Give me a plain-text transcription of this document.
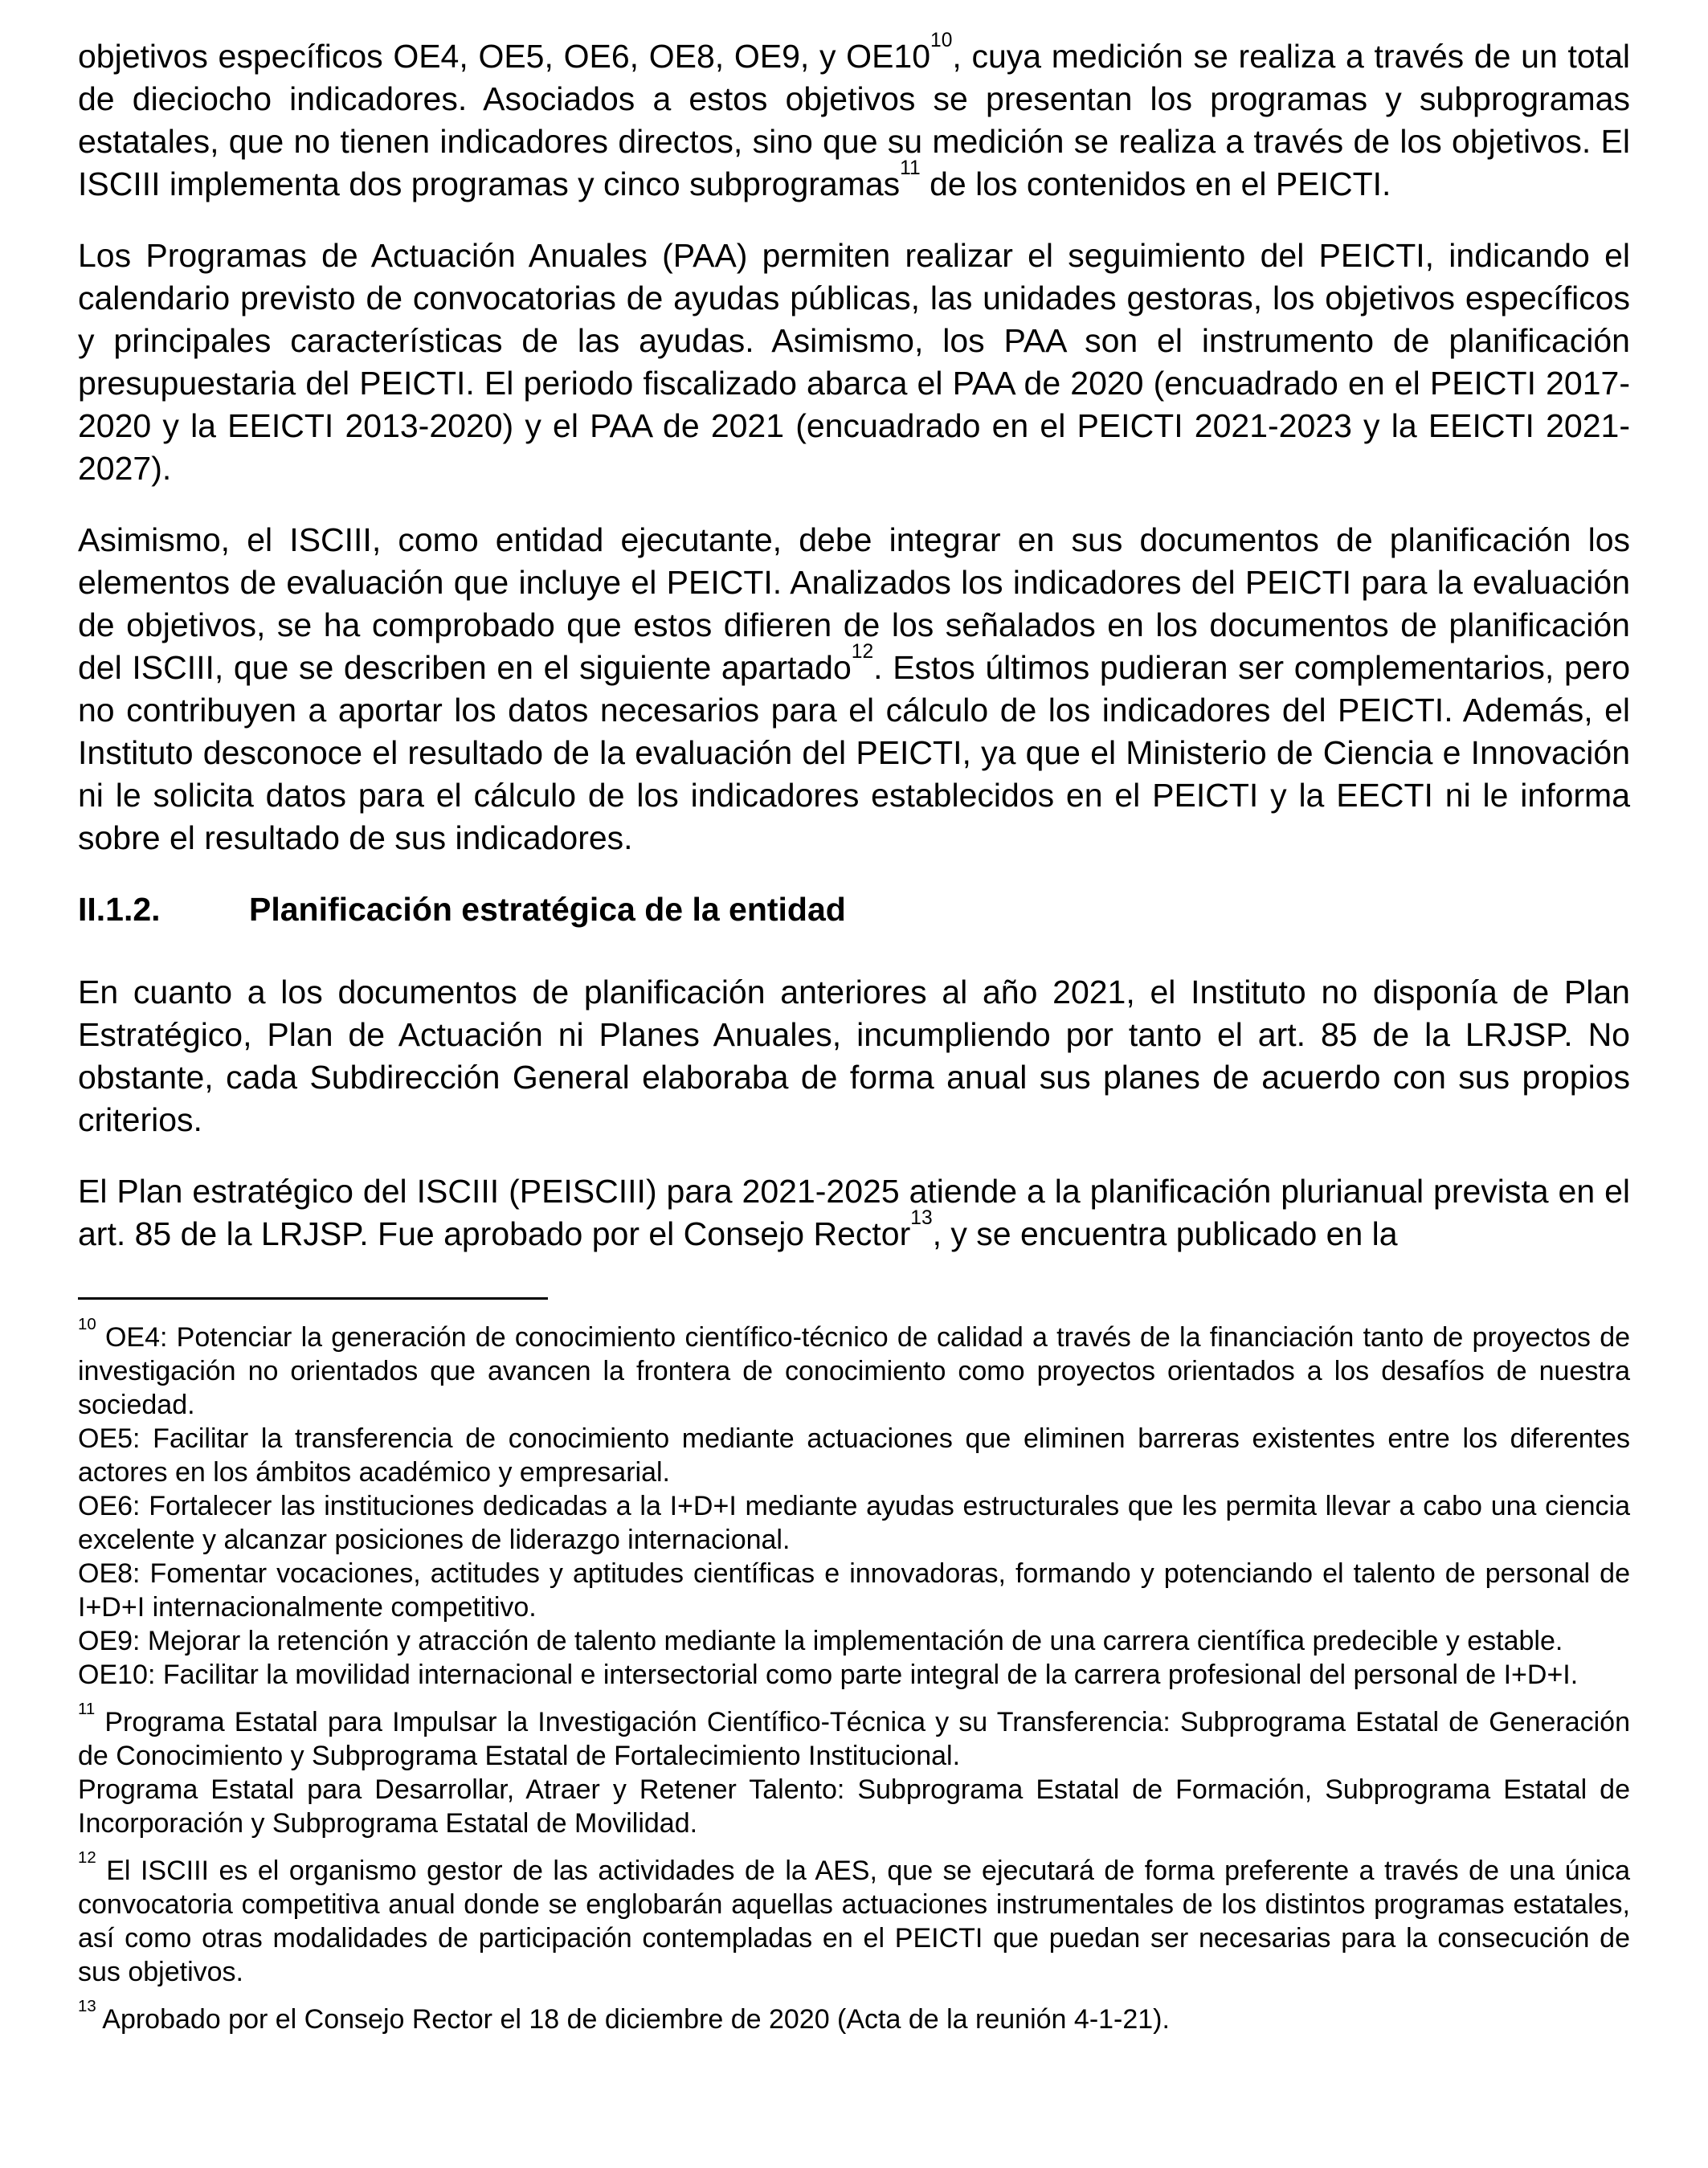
objetivos específicos OE4, OE5, OE6, OE8, OE9, y OE10$^{10}$, cuya medición se realiza a través de un total de dieciocho indicadores. Asociados a estos objetivos se presentan los programas y subprogramas estatales, que no tienen indicadores directos, sino que su medición se realiza a través de los objetivos. El ISCIII implementa dos programas y cinco subprogramas$^{11}$ de los contenidos en el PEICTI.

Los Programas de Actuación Anuales (PAA) permiten realizar el seguimiento del PEICTI, indicando el calendario previsto de convocatorias de ayudas públicas, las unidades gestoras, los objetivos específicos y principales características de las ayudas. Asimismo, los PAA son el instrumento de planificación presupuestaria del PEICTI. El periodo fiscalizado abarca el PAA de 2020 (encuadrado en el PEICTI 2017-2020 y la EEICTI 2013-2020) y el PAA de 2021 (encuadrado en el PEICTI 2021-2023 y la EEICTI 2021-2027).

Asimismo, el ISCIII, como entidad ejecutante, debe integrar en sus documentos de planificación los elementos de evaluación que incluye el PEICTI. Analizados los indicadores del PEICTI para la evaluación de objetivos, se ha comprobado que estos difieren de los señalados en los documentos de planificación del ISCIII, que se describen en el siguiente apartado$^{12}$. Estos últimos pudieran ser complementarios, pero no contribuyen a aportar los datos necesarios para el cálculo de los indicadores del PEICTI. Además, el Instituto desconoce el resultado de la evaluación del PEICTI, ya que el Ministerio de Ciencia e Innovación ni le solicita datos para el cálculo de los indicadores establecidos en el PEICTI y la EECTI ni le informa sobre el resultado de sus indicadores.

II.1.2.	Planificación estratégica de la entidad

En cuanto a los documentos de planificación anteriores al año 2021, el Instituto no disponía de Plan Estratégico, Plan de Actuación ni Planes Anuales, incumpliendo por tanto el art. 85 de la LRJSP. No obstante, cada Subdirección General elaboraba de forma anual sus planes de acuerdo con sus propios criterios.

El Plan estratégico del ISCIII (PEISCIII) para 2021-2025 atiende a la planificación plurianual prevista en el art. 85 de la LRJSP. Fue aprobado por el Consejo Rector$^{13}$, y se encuentra publicado en la

$^{10}$ OE4: Potenciar la generación de conocimiento científico-técnico de calidad a través de la financiación tanto de proyectos de investigación no orientados que avancen la frontera de conocimiento como proyectos orientados a los desafíos de nuestra sociedad.
OE5: Facilitar la transferencia de conocimiento mediante actuaciones que eliminen barreras existentes entre los diferentes actores en los ámbitos académico y empresarial.
OE6: Fortalecer las instituciones dedicadas a la I+D+I mediante ayudas estructurales que les permita llevar a cabo una ciencia excelente y alcanzar posiciones de liderazgo internacional.
OE8: Fomentar vocaciones, actitudes y aptitudes científicas e innovadoras, formando y potenciando el talento de personal de I+D+I internacionalmente competitivo.
OE9: Mejorar la retención y atracción de talento mediante la implementación de una carrera científica predecible y estable.
OE10: Facilitar la movilidad internacional e intersectorial como parte integral de la carrera profesional del personal de I+D+I.
$^{11}$ Programa Estatal para Impulsar la Investigación Científico-Técnica y su Transferencia: Subprograma Estatal de Generación de Conocimiento y Subprograma Estatal de Fortalecimiento Institucional.
Programa Estatal para Desarrollar, Atraer y Retener Talento: Subprograma Estatal de Formación, Subprograma Estatal de Incorporación y Subprograma Estatal de Movilidad.
$^{12}$ El ISCIII es el organismo gestor de las actividades de la AES, que se ejecutará de forma preferente a través de una única convocatoria competitiva anual donde se englobarán aquellas actuaciones instrumentales de los distintos programas estatales, así como otras modalidades de participación contempladas en el PEICTI que puedan ser necesarias para la consecución de sus objetivos.
$^{13}$ Aprobado por el Consejo Rector el 18 de diciembre de 2020 (Acta de la reunión 4-1-21).
